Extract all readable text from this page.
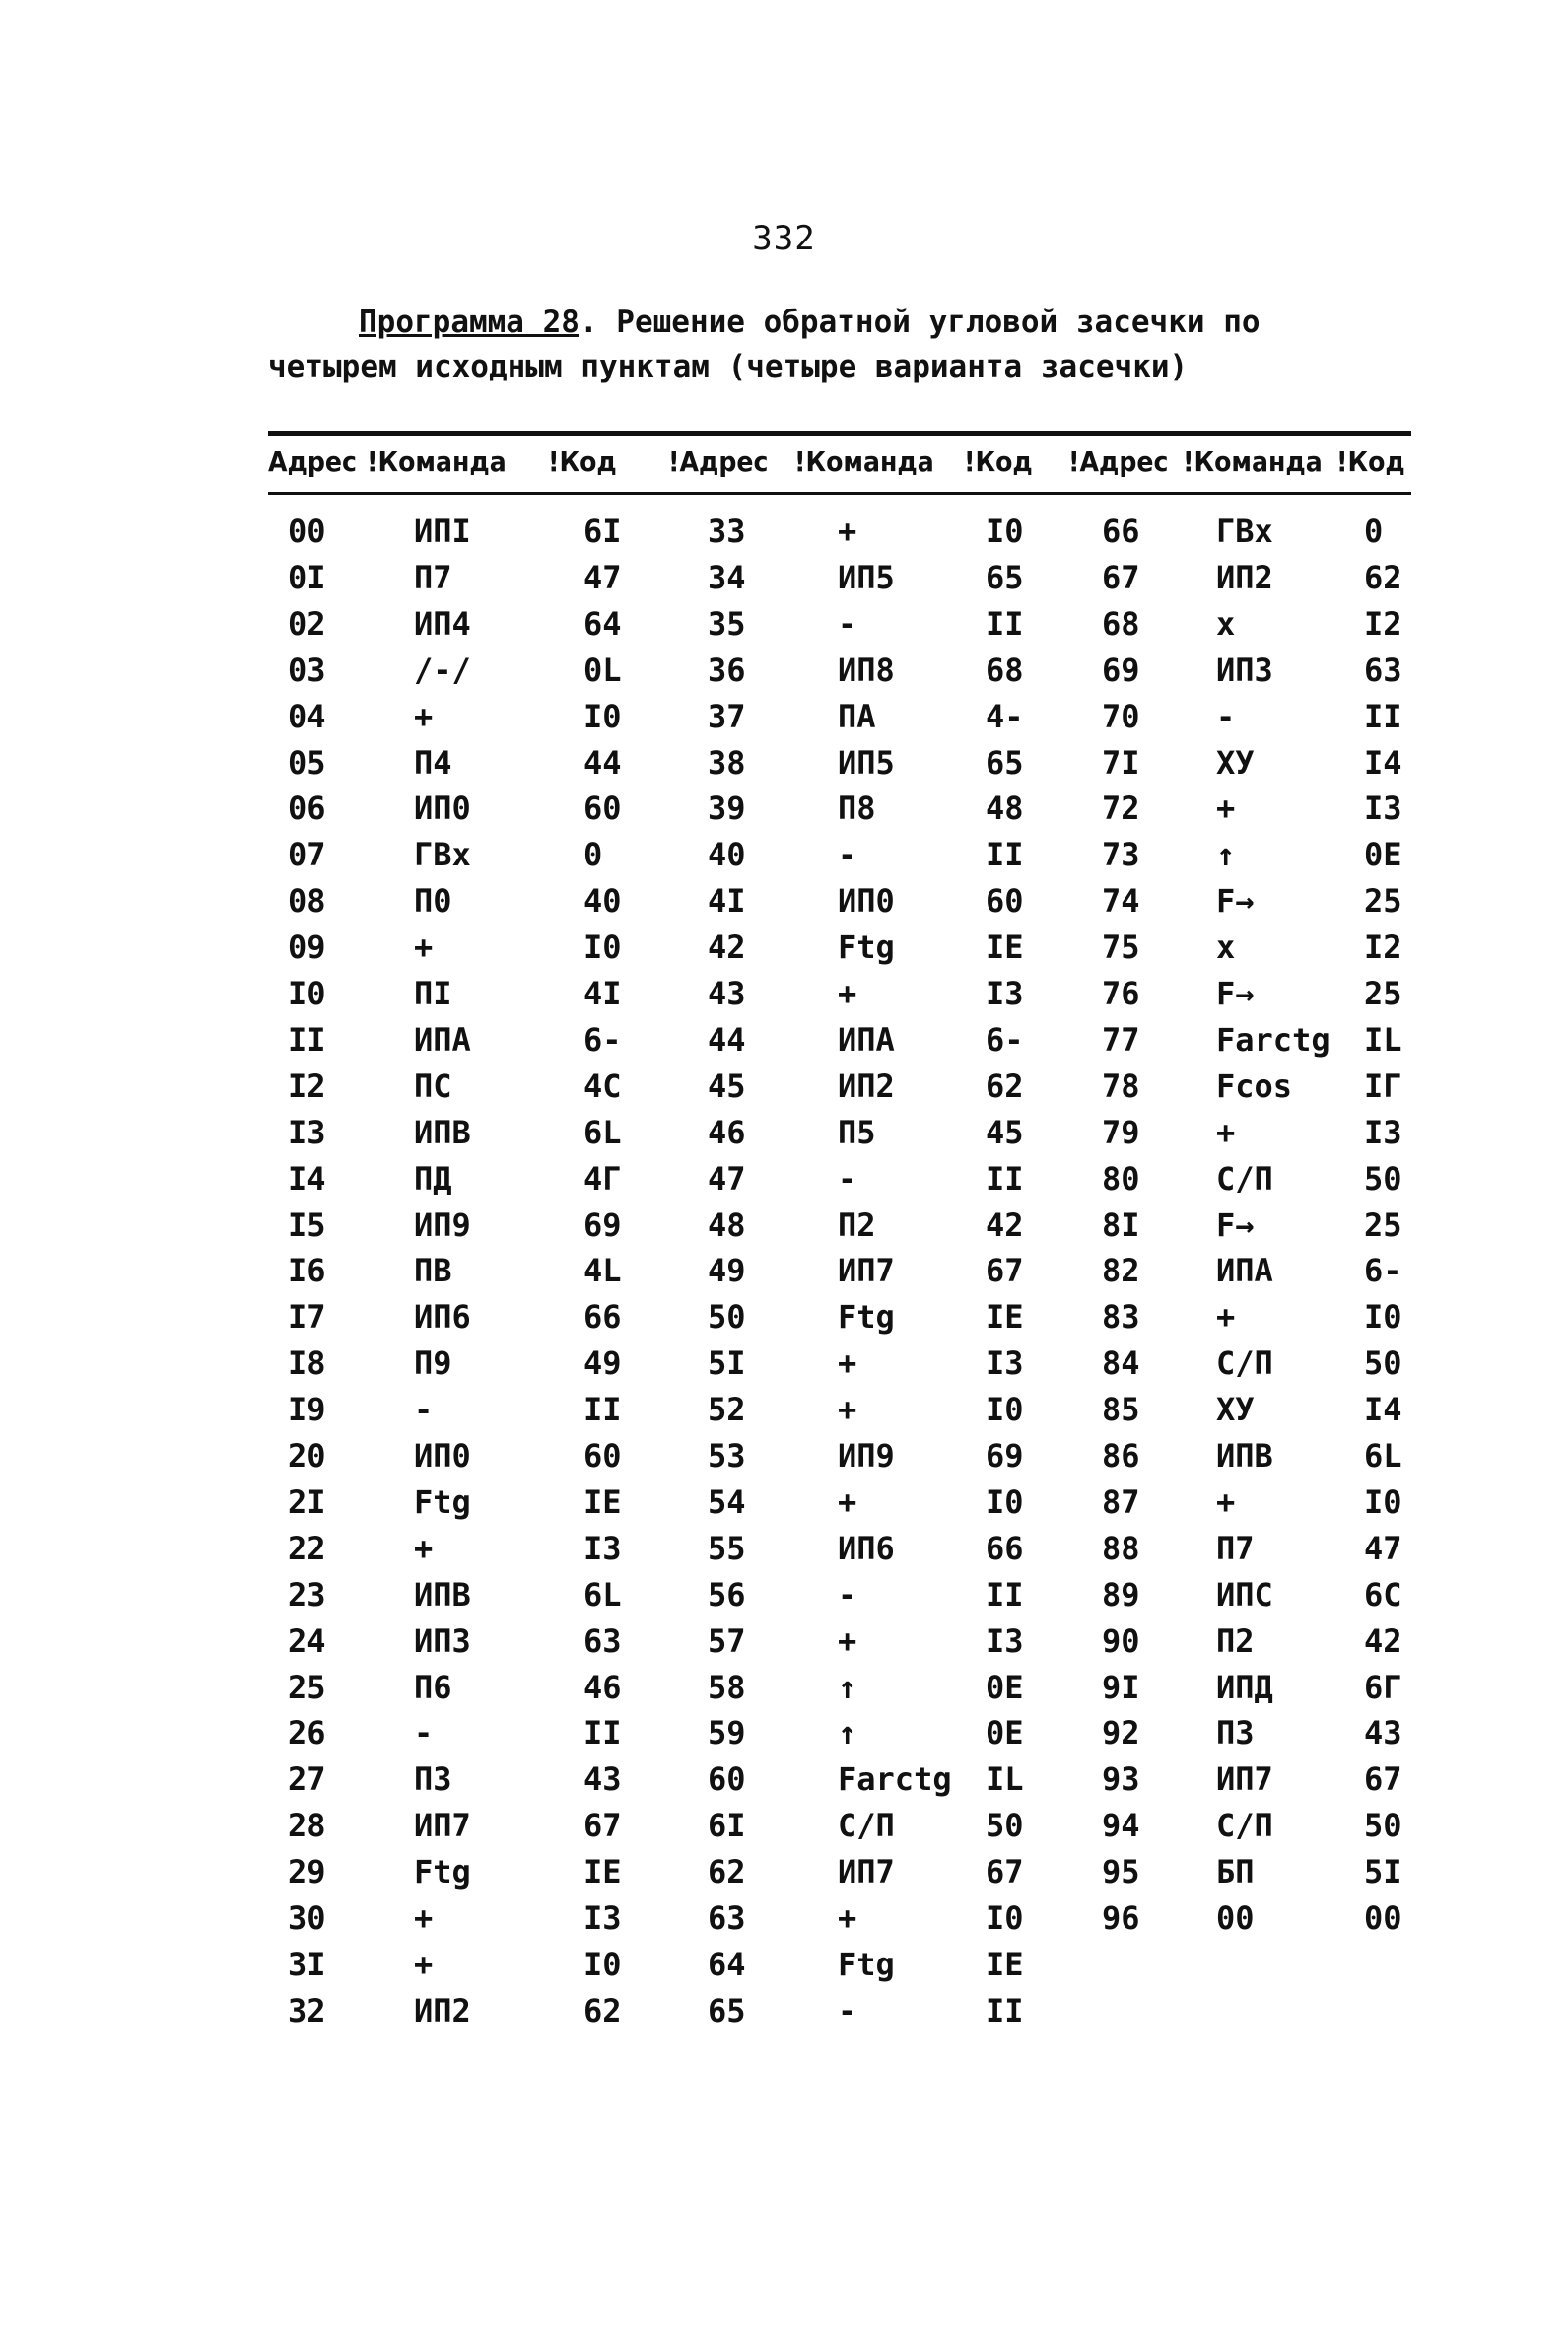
332
Программа 28. Решение обратной угловой засечки по
четырем исходным пунктам (четыре варианта засечки)
Адрес !Команда !Код !Адрес !Команда !Код !Адрес !Команда !Код
00	ИПI	6I	33	+	I0 66 ГВх	0
0I	П7	47	34	ИП5	65 67 ИП2	62
02	ИП4	64	35	-	II 68 x	I2
03	/-/	0L	36	ИП8	68 69 ИП3	63
04	+	I0	37	ПА	4- 70 -	II
05	П4	44	38	ИП5	65 7I ХУ	I4
06	ИП0	60	39	П8	48 72 +	I3
07	ГВх	0	40	-	II 73 ↑	0E
08	П0	40	4I	ИП0	60 74 F→	25
09	+	I0	42	Ftg	IE 75 x	I2
I0	ПI	4I	43	+	I3 76 F→	25
II	ИПА	6-	44	ИПА	6- 77 Farctg IL
I2	ПС	4C	45	ИП2	62 78 Fcos IГ
I3	ИПВ	6L	46	П5	45 79 +	I3
I4	ПД	4Г	47	-	II 80 С/П	50
I5	ИП9	69	48	П2	42 8I F→	25
I6	ПВ	4L	49	ИП7	67 82 ИПА	6-
I7	ИП6	66	50	Ftg	IE 83 +	I0
I8	П9	49	5I	+	I3 84 С/П	50
I9	-	II	52	+	I0 85 ХУ	I4
20	ИП0	60	53	ИП9	69 86 ИПВ	6L
2I	Ftg	IE	54	+	I0 87 +	I0
22	+	I3	55	ИП6	66 88 П7	47
23	ИПВ	6L	56	-	II 89 ИПС	6C
24	ИП3	63	57	+	I3 90 П2	42
25	П6	46	58	↑	0E 9I ИПД	6Г
26	-	II	59	↑	0E 92 П3	43
27	П3	43	60	Farctg IL 93 ИП7	67
28	ИП7	67	6I	С/П	50 94 С/П	50
29	Ftg	IE	62	ИП7	67 95 БП	5I
30	+	I3	63	+	I0 96 00	00
3I	+	I0	64	Ftg	IE
32	ИП2	62	65	-	II
